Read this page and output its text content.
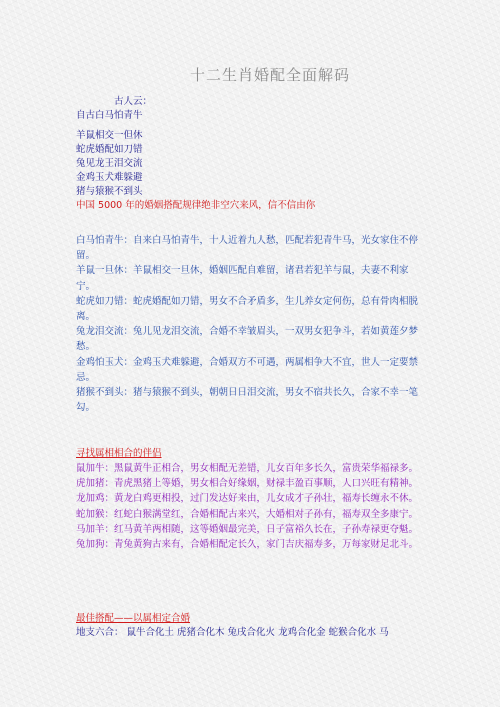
十二生肖婚配全面解码
古人云：
自古白马怕青牛
羊鼠相交一但休
蛇虎婚配如刀错
兔见龙王泪交流
金鸡玉犬难躲避
猪与猿猴不到头
中国 5000 年的婚姻搭配规律绝非空穴来风，信不信由你

白马怕青牛：自来白马怕青牛，十人近着九人愁，匹配若犯青牛马，光女家住不停留。

羊鼠一旦休：羊鼠相交一旦休，婚姻匹配自难留，诸君若犯羊与鼠，夫妻不利家宁。

蛇虎如刀错：蛇虎婚配如刀错，男女不合矛盾多，生儿养女定何伤，总有骨肉相脱离。

兔龙泪交流：兔儿见龙泪交流，合婚不幸皱眉头，一双男女犯争斗，若如黄莲夕梦愁。

金鸡怕玉犬：金鸡玉犬难躲避，合婚双方不可遇，两属相争大不宜，世人一定要禁忌。

猪猴不到头：猪与猿猴不到头，朝朝日日泪交流，男女不宿共长久，合家不幸一笔勾。

寻找属相相合的伴侣

鼠加牛：黑鼠黄牛正相合，男女相配无差错，儿女百年多长久，富贵荣华福禄多。

虎加猪：青虎黑猪上等婚，男女相合好缘姻，财禄丰盈百事顺，人口兴旺有精神。

龙加鸡：黄龙白鸡更相投，过门发达好来由，儿女成才子孙壮，福寿长缠永不休。

蛇加猴：红蛇白猴满堂红，合婚相配古来兴，大婚相对子孙有，福寿双全多康宁。

马加羊：红马黄羊两相随，这等婚姻最完美，日子富裕久长在，子孙寿禄更夺魁。

兔加狗：青兔黄狗古来有，合婚相配定长久，家门吉庆福寿多，万每家财足北斗。

最佳搭配——以属相定合婚
地支六合： 鼠牛合化土 虎猪合化木 兔戌合化火 龙鸡合化金 蛇猴合化水 马
